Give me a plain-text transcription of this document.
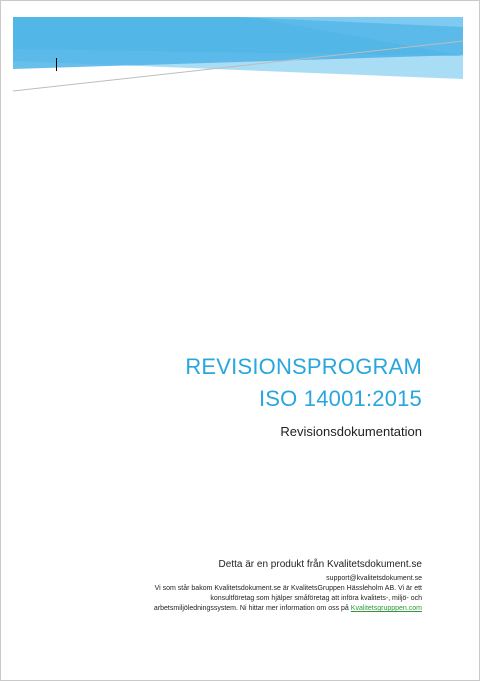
REVISIONSPROGRAM
ISO 14001:2015
Revisionsdokumentation
Detta är en produkt från Kvalitetsdokument.se
support@kvalitetsdokument.se
Vi som står bakom Kvalitetsdokument.se är KvalitetsGruppen Hässleholm AB. Vi är ett
konsultföretag som hjälper småföretag att införa kvalitets-, miljö- och
arbetsmiljöledningssystem. Ni hittar mer information om oss på Kvalitetsgrupppen.com
